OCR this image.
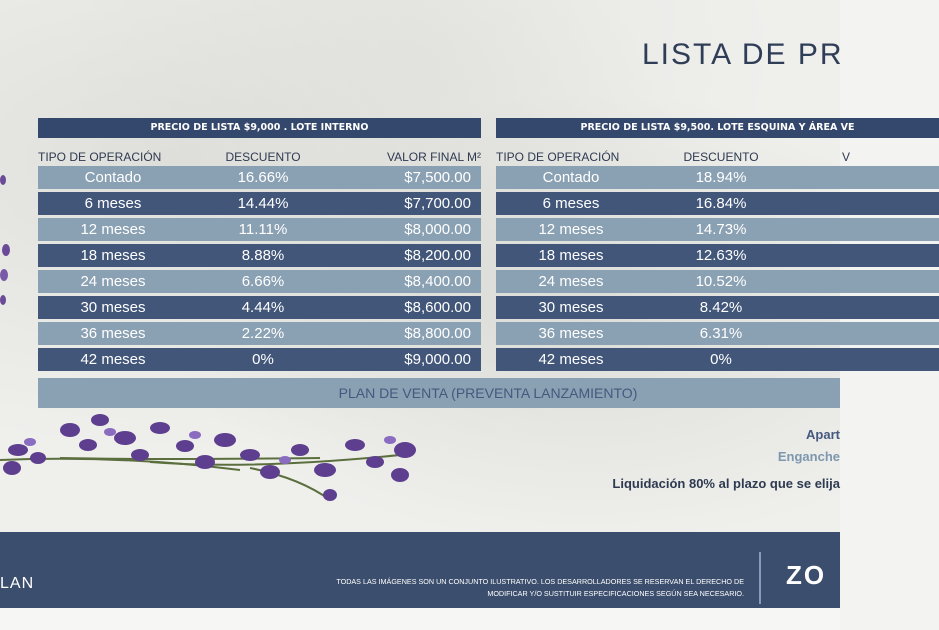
LISTA DE PR
PRECIO DE LISTA $9,000 . LOTE INTERNO
TIPO DE OPERACIÓN	DESCUENTO	VALOR FINAL M²
Contado	16.66%	$7,500.00
6 meses	14.44%	$7,700.00
12 meses	11.11%	$8,000.00
18 meses	8.88%	$8,200.00
24 meses	6.66%	$8,400.00
30 meses	4.44%	$8,600.00
36 meses	2.22%	$8,800.00
42 meses	0%	$9,000.00
PRECIO DE LISTA $9,500. LOTE ESQUINA Y ÁREA VE
TIPO DE OPERACIÓN	DESCUENTO	V
Contado	18.94%
6 meses	16.84%
12 meses	14.73%
18 meses	12.63%
24 meses	10.52%
30 meses	8.42%
36 meses	6.31%
42 meses	0%
PLAN DE VENTA (PREVENTA LANZAMIENTO)
Apart
Enganche
Liquidación 80% al plazo que se elija
LAN	TODAS LAS IMÁGENES SON UN CONJUNTO ILUSTRATIVO. LOS DESARROLLADORES SE RESERVAN EL DERECHO DE
MODIFICAR Y/O SUSTITUIR ESPECIFICACIONES SEGÚN SEA NECESARIO.
ZO
